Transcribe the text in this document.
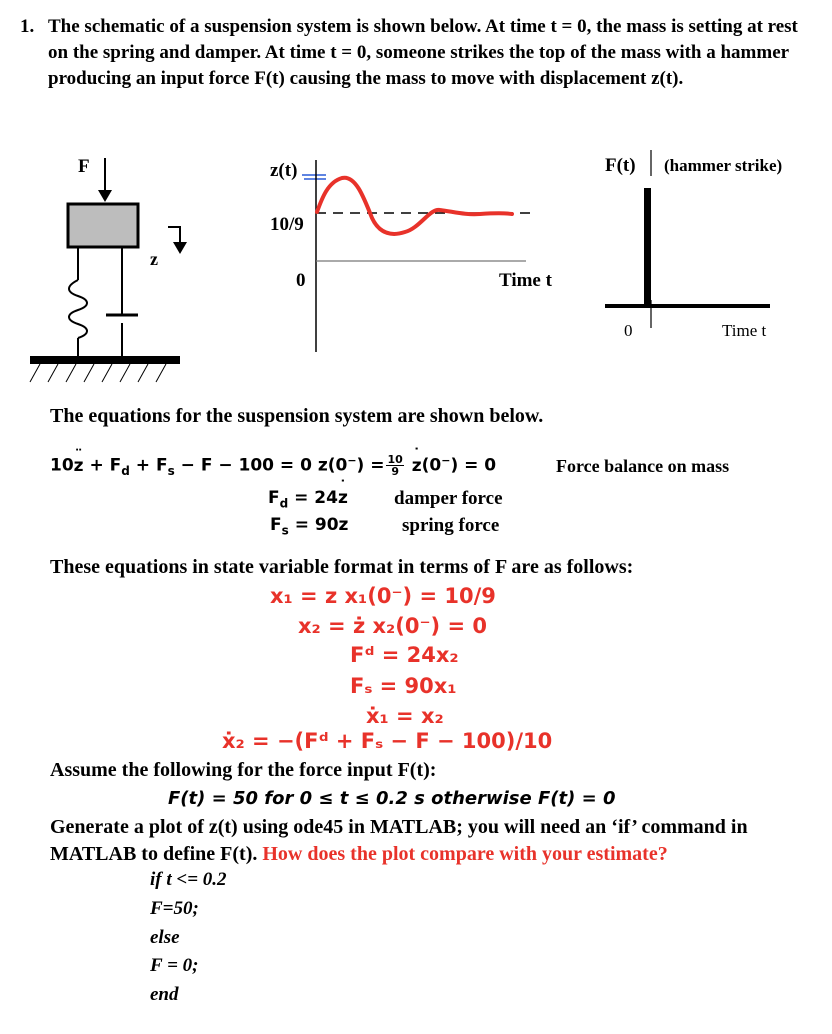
1. The schematic of a suspension system is shown below. At time t = 0, the mass is setting at rest on the spring and damper. At time t = 0, someone strikes the top of the mass with a hammer producing an input force F(t) causing the mass to move with displacement z(t).
F
z
z(t)
10/9
0	Time t
F(t) (hammer strike)
0	Time t
The equations for the suspension system are shown below.
10¨ $z + F_d + F_s - F - 100 = 0$ $z(0^-) = \frac{10}{9}$
˙ z(0−) = 0	Force balance on mass
$F_d$ = 24˙ z damper force
$F_s = 90z$	spring force
These equations in state variable format in terms of F are as follows:
x₁ = z x₁(0⁻) = 10/9
x₂ = ż x₂(0⁻) = 0
Fᵈ = 24x₂
Fₛ = 90x₁
ẋ₁ = x₂
ẋ₂ = −(Fᵈ + Fₛ − F − 100)/10
Assume the following for the force input F(t):
F(t) = 50 for 0 ≤ t ≤ 0.2 s otherwise F(t) = 0
Generate a plot of z(t) using ode45 in MATLAB; you will need an ‘if’ command in MATLAB to define F(t). How does the plot compare with your estimate?
if t <= 0.2
F=50;
else
F = 0;
end
